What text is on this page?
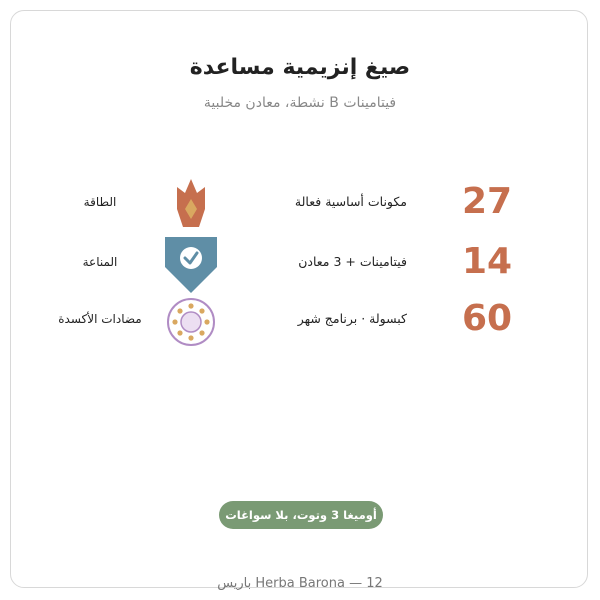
صيغ إنزيمية مساعدة
فيتامينات B نشطة، معادن مخلبية
27
مكونات أساسية فعالة
الطاقة
14
فيتامينات + 3 معادن
المناعة
60
كبسولة · برنامج شهر
مضادات الأكسدة
أوميغا 3 وتوت، بلا سواغات
Herba Barona — 12 باريس
